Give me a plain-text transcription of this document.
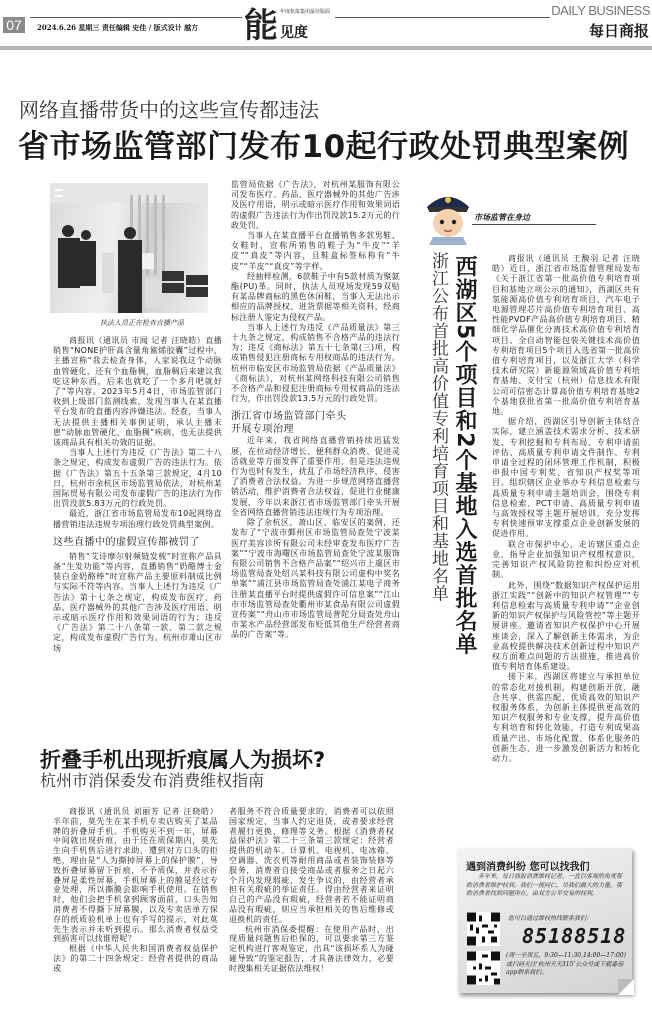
07	2024.6.26 星期三 责任编辑 史佳 / 版式设计 越方 能 年度杭报集团最佳版面
见度
DAILY BUSINESS
每日商报
网络直播带货中的这些宣传都违法
省市场监管部门发布10起行政处罚典型案例
执法人员正在检查直播产品

商报讯（通讯员 市闻 记者 汪晓皓）直播销售“NONE护肝高含量角鲨烯胶囊”过程中，主播宣称“我去检查身体，人家说我这个动脉血管硬化，还有个血脂稠，血脂稠后来建议我吃这种东西，后来也就吃了一个多月吧就好了”等内容。2023年5月4日，市场监管部门收到上级部门监测线索，发现当事人在某直播平台发布的直播内容涉嫌违法。经查，当事人无法提供主播相关事例证明，承认主播未患“动脉血管硬化、血脂稠”疾病，也无法提供该商品具有相关功效的证据。

当事人上述行为违反《广告法》第二十八条之规定，构成发布虚假广告的违法行为。依据《广告法》第五十五条第三款规定，4月10日，杭州市余杭区市场监管局依法，对杭州某国际贸易有限公司发布虚假广告的违法行为作出罚没款5.83万元的行政处罚。

最近，浙江省市场监管局发布10起网络直播营销违法违规专项治理行政处罚典型案例。

这些直播中的虚假宣传都被罚了

销售“艾诗摩尔射频链发梳”时宣称产品具备“生发功能”等内容，直播销售“奶酪博士金装白金奶酪棒”时宣称产品主要原料制成比例与实际不符等内容。当事人上述行为违反《广告法》第十七条之规定，构成发布医疗、药品、医疗器械外的其他广告涉及医疗用语、明示或暗示医疗作用和效果词语的行为；违反《广告法》第二十八条第一款、第二款之规定，构成发布虚假广告行为。杭州市萧山区市场

监管局依据《广告法》，对杭州某服饰有限公司发布医疗、药品、医疗器械外的其他广告涉及医疗用语，明示或暗示医疗作用和效果词语的虚假广告违法行为作出罚没款15.2万元的行政处罚。

当事人在某直播平台直播销售多款男鞋、女鞋时，宣称所销售的鞋子为“牛皮”“羊皮”“真皮”等内容，且鞋盒标签标称有“牛皮”“羊皮”“真皮”等字样。

经抽样检测，6款鞋子中有5款材质为聚氨酯(PU)革。同时，执法人员现场发现59双贴有某品牌商标的黑色休闲鞋，当事人无法出示相应的品牌授权、进货票据等相关资料，经商标注册人鉴定为侵权产品。

当事人上述行为违反《产品质量法》第三十九条之规定，构成销售不合格产品的违法行为；违反《商标法》第五十七条第(三)项，构成销售侵犯注册商标专用权商品的违法行为。杭州市临安区市场监管局依据《产品质量法》《商标法》，对杭州某网络科技有限公司销售不合格产品和侵犯注册商标专用权商品的违法行为，作出罚没款13.5万元的行政处罚。

浙江省市场监管部门牵头
开展专项治理

近年来，我省网络直播营销持续迅猛发展，在拉动经济增长、便利群众消费、促进灵活就业等方面发挥了重要作用，但是违法违规行为也时有发生，扰乱了市场经济秩序，侵害了消费者合法权益。为进一步规范网络直播营销活动，维护消费者合法权益，促进行业健康发展，今年以来浙江省市场监管部门牵头开展全省网络直播营销违法违规行为专项治理。

除了余杭区、萧山区、临安区的案例，还发布了“宁波市鄞州区市场监管局查处宁波某医疗美容诊所有限公司未经审查发布医疗广告案”“宁波市海曙区市场监管局查处宁波某服饰有限公司销售不合格产品案”“绍兴市上虞区市场监管局查处绍兴某科技有限公司虚构中奖名单案”“浦江县市场监管局查处浦江某电子商务注册某直播平台时提供虚假许可信息案”“江山市市场监管局查处衢州市某食品有限公司虚假宣传案”“舟山市市场监管局普陀分局查处舟山市某水产品经营部发布贬低其他生产经营者商品的广告案”等。

市场监管在身边
浙江公布首批高价值专利培育项目和基地名单 西湖区5个项目和2个基地入选首批名单	商报讯（通讯员 王馥羽 记者 汪晓皓）近日，浙江省市场监督管理局发布《关于浙江省第一批高价值专利培育项目和基地立项公示的通知》，西湖区共有氢能源高价值专利培育项目、汽车电子电源管理芯片高价值专利培育项目、高性能PVDF产品高价值专利培育项目、精细化学品催化分离技术高价值专利培育项目、全自动智能包装关键技术高价值专利培育项目5个项目入选省第一批高价值专利培育项目，以及浙江大学（科学技术研究院）新能源领域高价值专利培育基地、支付宝（杭州）信息技术有限公司可信密态计算高价值专利培育基地2个基地获批省第一批高价值专利培育基地。

据介绍，西湖区引导创新主体结合实际，建立涵盖技术需求分析、技术研发、专利挖掘和专利布局、专利申请前评估、高质量专利申请文件制作、专利申请全过程的闭环管理工作机制，积极申报中国专利奖、省知识产权奖等项目。组织辖区企业举办专利信息检索与高质量专利申请主题培训会，围绕专利信息检索、PCT申请、高质量专利申请与高效授权等主题开展培训，充分发挥专利快速预审支撑重点企业创新发展的促进作用。

联合市保护中心，走访辖区重点企业，指导企业加强知识产权维权意识，完善知识产权风险防控和纠纷应对机制。

此外，围绕“数据知识产权保护运用浙江实践”“创新中的知识产权管理”“专利信息检索与高质量专利申请”“企业创新的知识产权保护与风险管控”等主题开展讲座。邀请省知识产权保护中心开展座谈会，深入了解创新主体需求，为企业高校提供解决技术创新过程中知识产权方面难点问题的方法措施，推进高价值专利培育体系建设。

接下来，西湖区将建立与承担单位的常态化对接机制，构建创新开放、融合共享、供需匹配、优质高效的知识产权服务体系，为创新主体提供更高效的知识产权服务和专业支撑，提升高价值专利培育和转化效能，打造专利成果高质量产出、市场化配置、体系化服务的创新生态，进一步激发创新活力和转化动力。

折叠手机出现折痕属人为损坏?
杭州市消保委发布消费维权指南

商报讯（通讯员 刘丽芳 记者 汪晓皓）半年前，莫先生在某手机专卖店购买了某品牌的折叠屏手机。手机购买不到一年，屏幕中间就出现折痕，由于还在质保期内，莫先生向手机售后进行求助，遭到对方口头的拒绝，理由是“人为撕掉屏幕上的保护膜”，导致折叠屏幕留下折痕，不予质保，并表示折叠屏是柔性屏幕，手机屏幕上的膜是经过专业处理，所以撕膜会影响手机使用。在销售时，他们会把手机拿到顾客面前，口头告知消费者不得撕下屏幕膜，以及专卖店单方保存的纸质验机单上也有手写的提示，对此莫先生表示并未听到提示。那么消费者权益受到损害可以找谁赔呢？

根据《中华人民共和国消费者权益保护法》的第二十四条规定：经营者提供的商品或

者服务不符合质量要求的，消费者可以依照国家规定、当事人约定退货，或者要求经营者履行更换、修理等义务。根据《消费者权益保护法》第二十三条第三款规定：经营者提供的机动车、计算机、电视机、电冰箱、空调器、洗衣机等耐用商品或者装饰装修等服务，消费者自接受商品或者服务之日起六个月内发现瑕疵，发生争议的，由经营者承担有关瑕疵的举证责任。得由经营者来证明自己的产品没有瑕疵，经营者若不能证明商品没有瑕疵，则应当承担相关的售后维修或退换机的责任。

杭州市消保委提醒：在使用产品时，出现质量问题售后拒保的，可以要求第三方鉴定机构进行客观鉴定，出具“该损坏系人为碰碰导致”的鉴定报告，才具备法律效力，必要时搜集相关证据依法维权！

遇到消费纠纷 您可以找我们
多年来，每日商报消费维权记者，一直以客观的角度帮助消费者维护权利。我们一视同仁，尽我们最大的力量，帮助消费者找到问题所在，由双方公平交易的权利。
您可以通过维权热线联系我们：
85188518
(周一至周五，9:30—11:30,14:00—17:00)或扫码关注‘杭州天天315’公众号或下载番茄app联系我们。
